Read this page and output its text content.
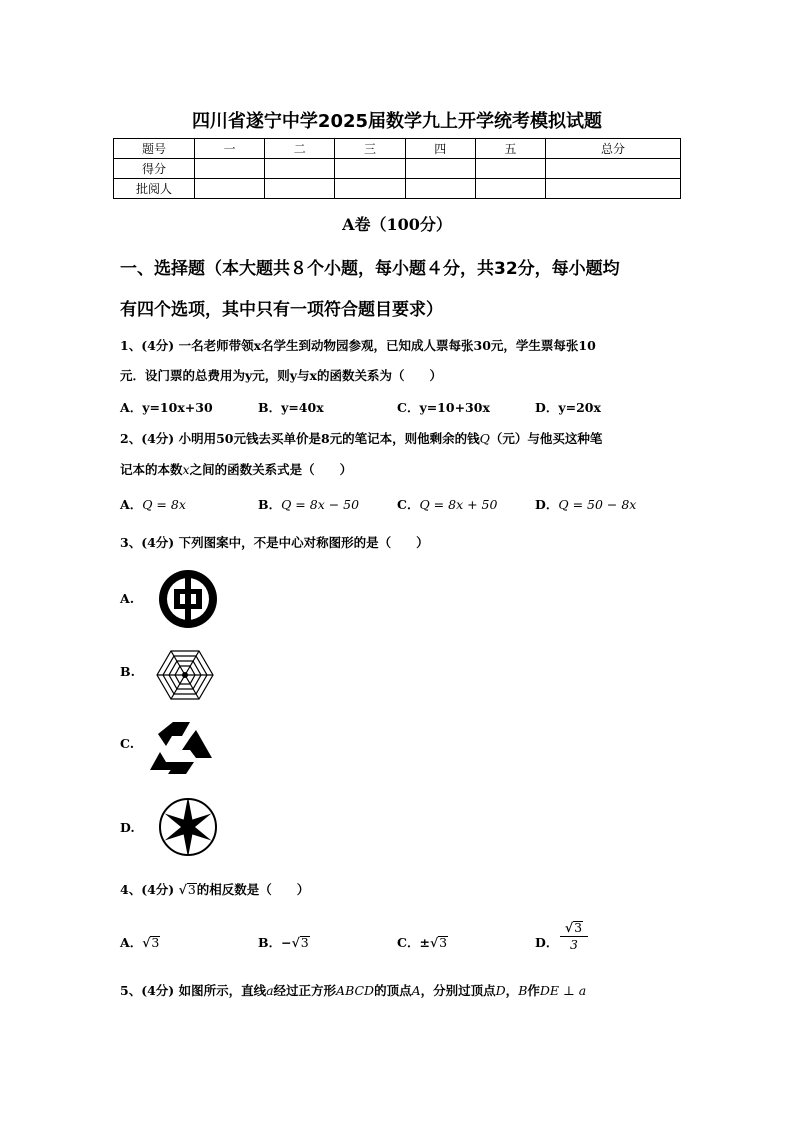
四川省遂宁中学2025届数学九上开学统考模拟试题
题号	一	二	三	四	五	总分
得分						
批阅人						
A卷（100分）
一、选择题（本大题共８个小题，每小题４分，共32分，每小题均
有四个选项，其中只有一项符合题目要求）
1、(4分) 一名老师带领x名学生到动物园参观，已知成人票每张30元，学生票每张10
元．设门票的总费用为y元，则y与x的函数关系为（　　）
A．y=10x+30	B．y=40x	C．y=10+30x	D．y=20x
2、(4分) 小明用50元钱去买单价是8元的笔记本，则他剩余的钱Q（元）与他买这种笔
记本的本数x之间的函数关系式是（　　）
A．Q = 8x	B．Q = 8x − 50	C．Q = 8x + 50	D．Q = 50 − 8x
3、(4分) 下列图案中，不是中心对称图形的是（　　）
A.
B.
C.
D.
4、(4分) √3的相反数是（　　）
A．√3	B．−√3	C．±√3	D． $\frac{√3}{3}$
5、(4分) 如图所示，直线a经过正方形ABCD的顶点A，分别过顶点D，B作DE ⊥ a
